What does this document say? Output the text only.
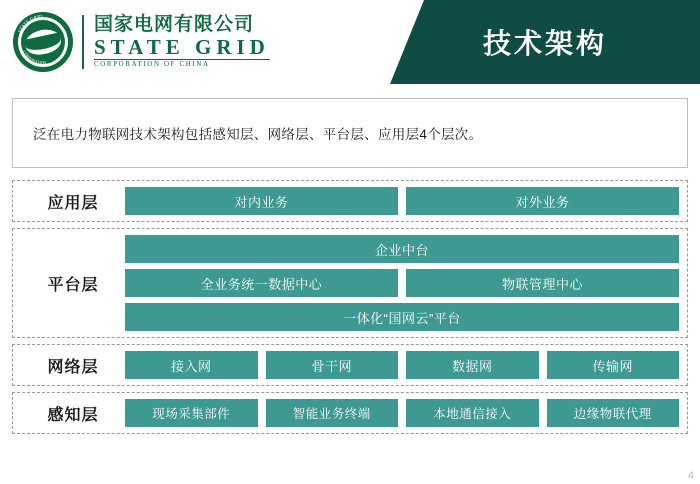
STATE GRID
CORPORATION
国家电网有限公司
STATE GRID
CORPORATION OF CHINA
技术架构
泛在电力物联网技术架构包括感知层、网络层、平台层、应用层4个层次。
应用层	对内业务	对外业务
平台层
企业中台
全业务统一数据中心	物联管理中心
一体化“国网云”平台
网络层	接入网	骨干网	数据网	传输网
感知层	现场采集部件	智能业务终端	本地通信接入	边缘物联代理
4
